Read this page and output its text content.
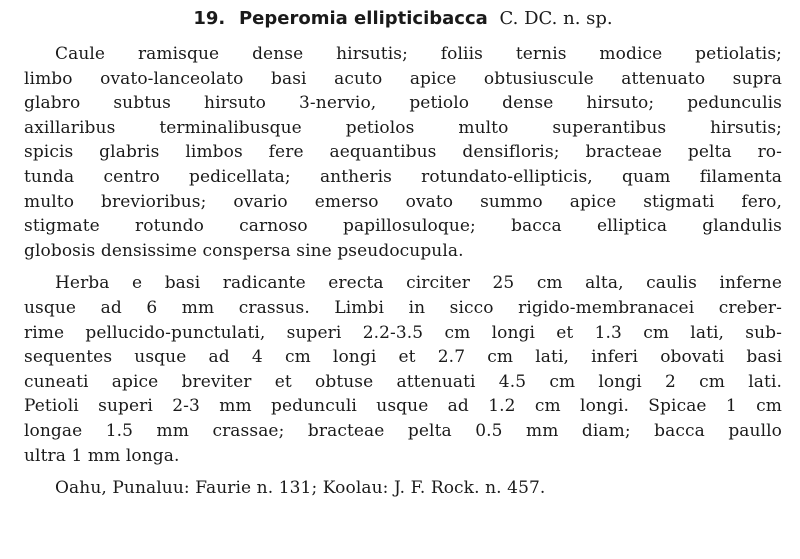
19. Peperomia ellipticibacca C. DC. n. sp.
Caule ramisque dense hirsutis; foliis ternis modice petiolatis;
limbo ovato-lanceolato basi acuto apice obtusiuscule attenuato supra
glabro subtus hirsuto 3-nervio, petiolo dense hirsuto; pedunculis
axillaribus terminalibusque petiolos multo superantibus hirsutis;
spicis glabris limbos fere aequantibus densifloris; bracteae pelta ro-
tunda centro pedicellata; antheris rotundato-ellipticis, quam filamenta
multo brevioribus; ovario emerso ovato summo apice stigmati fero,
stigmate rotundo carnoso papillosuloque; bacca elliptica glandulis
globosis densissime conspersa sine pseudocupula.
Herba e basi radicante erecta circiter 25 cm alta, caulis inferne
usque ad 6 mm crassus. Limbi in sicco rigido-membranacei creber-
rime pellucido-punctulati, superi 2.2-3.5 cm longi et 1.3 cm lati, sub-
sequentes usque ad 4 cm longi et 2.7 cm lati, inferi obovati basi
cuneati apice breviter et obtuse attenuati 4.5 cm longi 2 cm lati.
Petioli superi 2-3 mm pedunculi usque ad 1.2 cm longi. Spicae 1 cm
longae 1.5 mm crassae; bracteae pelta 0.5 mm diam; bacca paullo
ultra 1 mm longa.
Oahu, Punaluu: Faurie n. 131; Koolau: J. F. Rock. n. 457.
